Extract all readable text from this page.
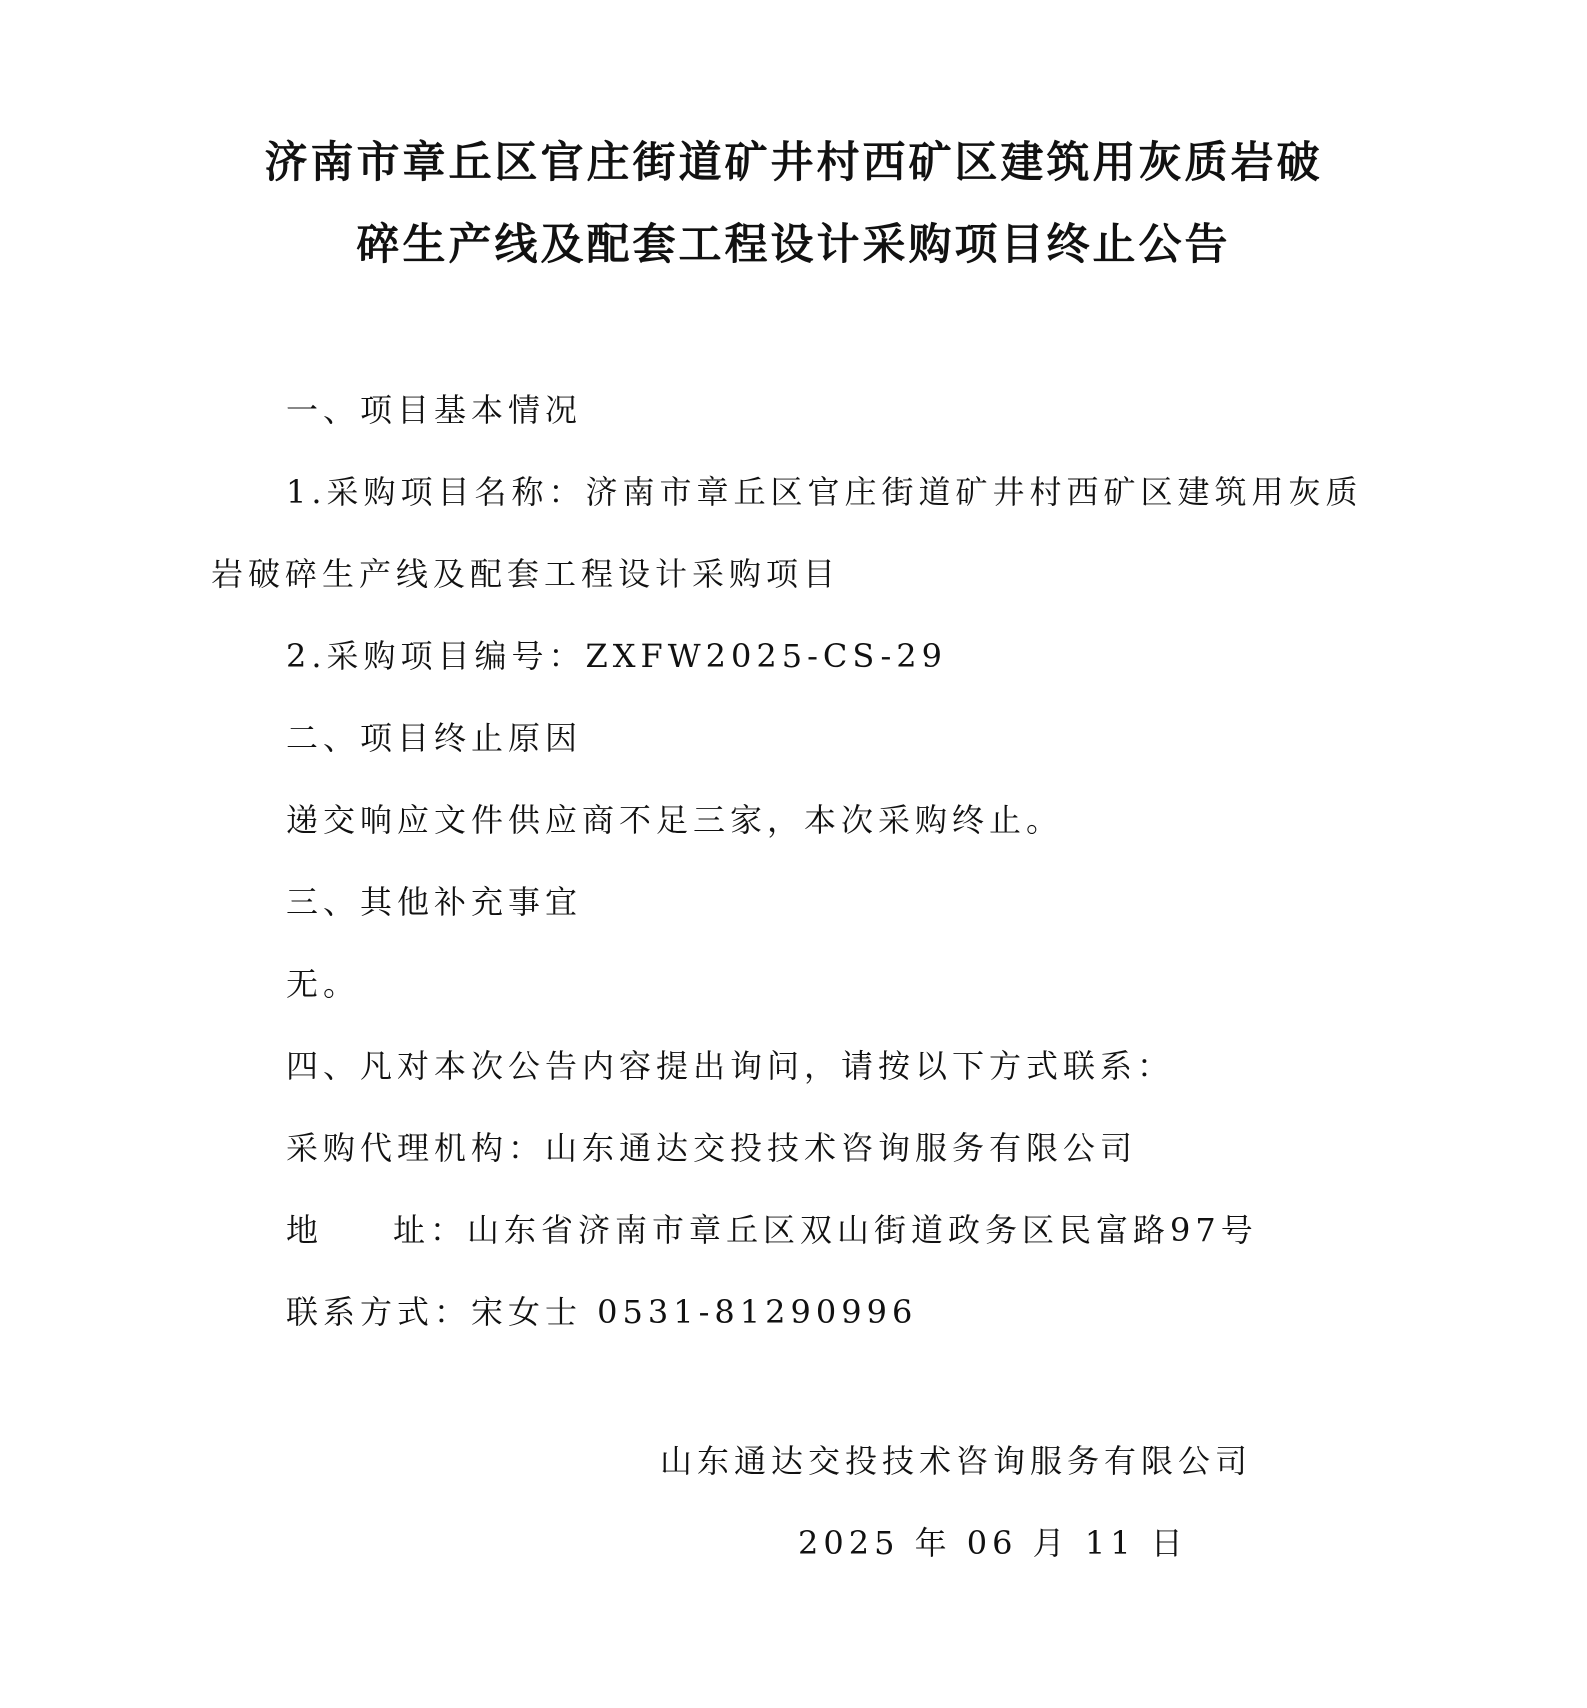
济南市章丘区官庄街道矿井村西矿区建筑用灰质岩破
碎生产线及配套工程设计采购项目终止公告
一、项目基本情况
1.采购项目名称：济南市章丘区官庄街道矿井村西矿区建筑用灰质
岩破碎生产线及配套工程设计采购项目
2.采购项目编号：ZXFW2025-CS-29
二、项目终止原因
递交响应文件供应商不足三家，本次采购终止。
三、其他补充事宜
无。
四、凡对本次公告内容提出询问，请按以下方式联系：
采购代理机构：山东通达交投技术咨询服务有限公司
地 址：山东省济南市章丘区双山街道政务区民富路97号
联系方式：宋女士 0531-81290996
山东通达交投技术咨询服务有限公司
2025 年 06 月 11 日
